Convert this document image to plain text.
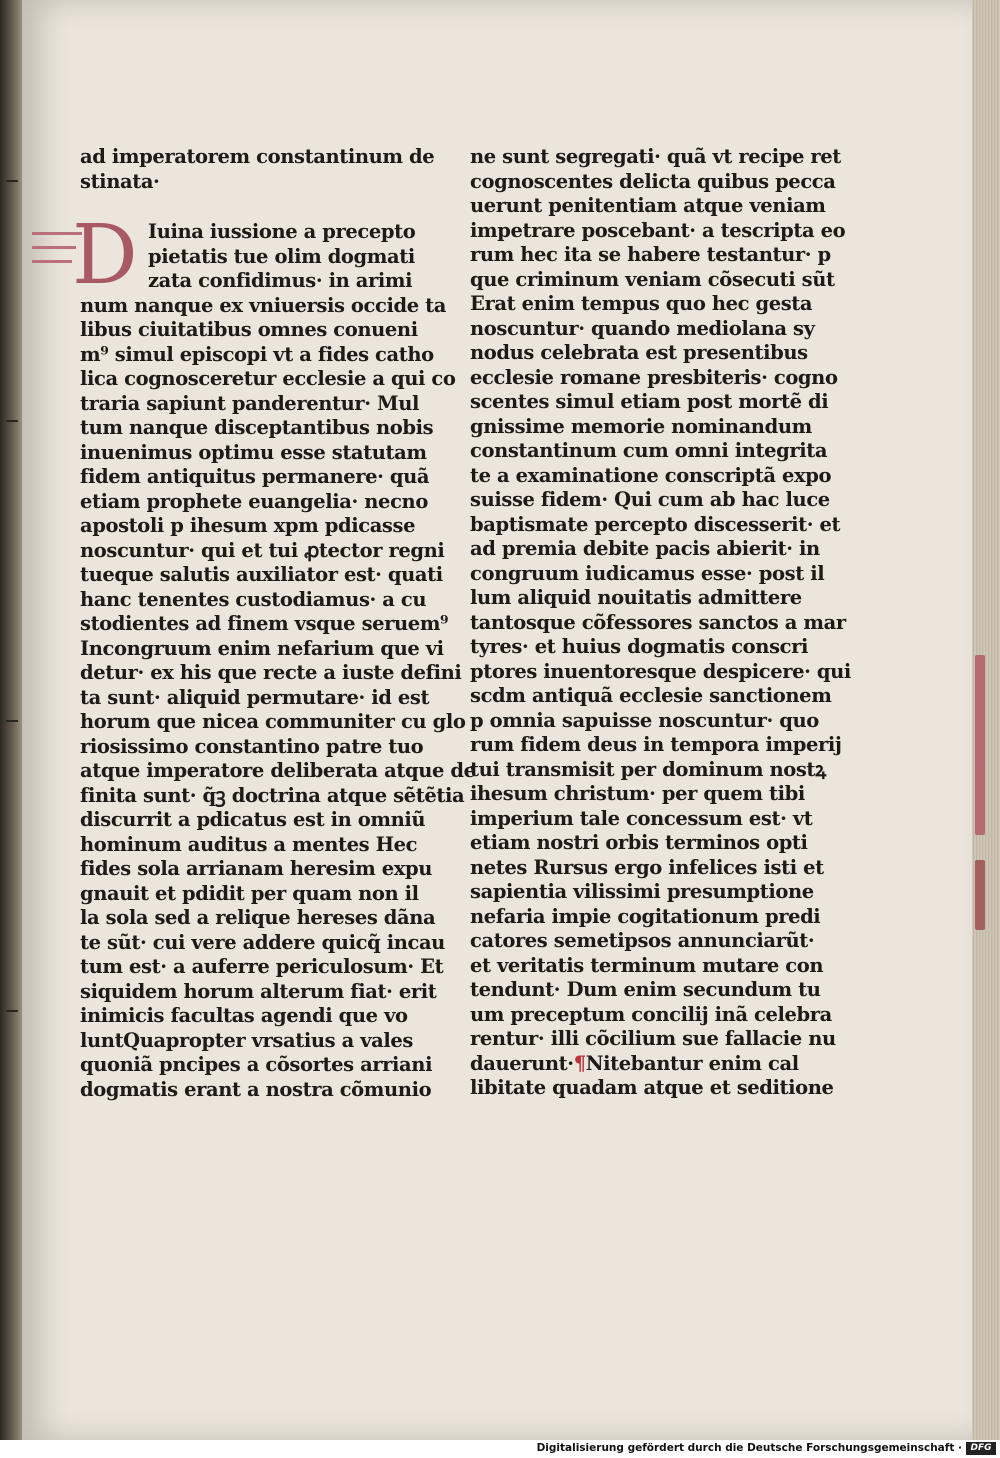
D
ad imperatorem constantinum de
stinata·
Iuina iussione a precepto
pietatis tue olim dogmati
zata confidimus· in arimi
num nanque ex vniuersis occide ta
libus ciuitatibus omnes conueni
m⁹ simul episcopi vt a fides catho
lica cognosceretur ecclesie a qui co
traria sapiunt panderentur· Mul
tum nanque disceptantibus nobis
inuenimus optimu esse statutam
fidem antiquitus permanere· quã
etiam prophete euangelia· necno
apostoli p ihesum xpm pdicasse
noscuntur· qui et tui ꝓtector regni
tueque salutis auxiliator est· quati
hanc tenentes custodiamus· a cu
stodientes ad finem vsque seruem⁹
Incongruum enim nefarium que vi
detur· ex his que recte a iuste defini
ta sunt· aliquid permutare· id est
horum que nicea communiter cu glo
riosissimo constantino patre tuo
atque imperatore deliberata atque de
finita sunt· q̃ꝫ doctrina atque sẽtẽtia
discurrit a pdicatus est in omniũ
hominum auditus a mentes Hec
fides sola arrianam heresim expu
gnauit et pdidit per quam non il
la sola sed a relique hereses dãna
te sũt· cui vere addere quicq̃ incau
tum est· a auferre periculosum· Et
siquidem horum alterum fiat· erit
inimicis facultas agendi que vo
luntQuapropter vrsatius a vales
quoniã pncipes a cõsortes arriani
dogmatis erant a nostra cõmunio
ne sunt segregati· quã vt recipe ret
cognoscentes delicta quibus pecca
uerunt penitentiam atque veniam
impetrare poscebant· a tescripta eo
rum hec ita se habere testantur· p
que criminum veniam cõsecuti sũt
Erat enim tempus quo hec gesta
noscuntur· quando mediolana sy
nodus celebrata est presentibus
ecclesie romane presbiteris· cogno
scentes simul etiam post mortẽ di
gnissime memorie nominandum
constantinum cum omni integrita
te a examinatione conscriptã expo
suisse fidem· Qui cum ab hac luce
baptismate percepto discesserit· et
ad premia debite pacis abierit· in
congruum iudicamus esse· post il
lum aliquid nouitatis admittere
tantosque cõfessores sanctos a mar
tyres· et huius dogmatis conscri
ptores inuentoresque despicere· qui
scdm antiquã ecclesie sanctionem
p omnia sapuisse noscuntur· quo
rum fidem deus in tempora imperij
tui transmisit per dominum nostꝝ
ihesum christum· per quem tibi
imperium tale concessum est· vt
etiam nostri orbis terminos opti
netes Rursus ergo infelices isti et
sapientia vilissimi presumptione
nefaria impie cogitationum predi
catores semetipsos annunciarũt·
et veritatis terminum mutare con
tendunt· Dum enim secundum tu
um preceptum concilij inã celebra
rentur· illi cõcilium sue fallacie nu
dauerunt·¶Nitebantur enim cal
libitate quadam atque et seditione
Digitalisierung gefördert durch die Deutsche Forschungsgemeinschaft · DFG
